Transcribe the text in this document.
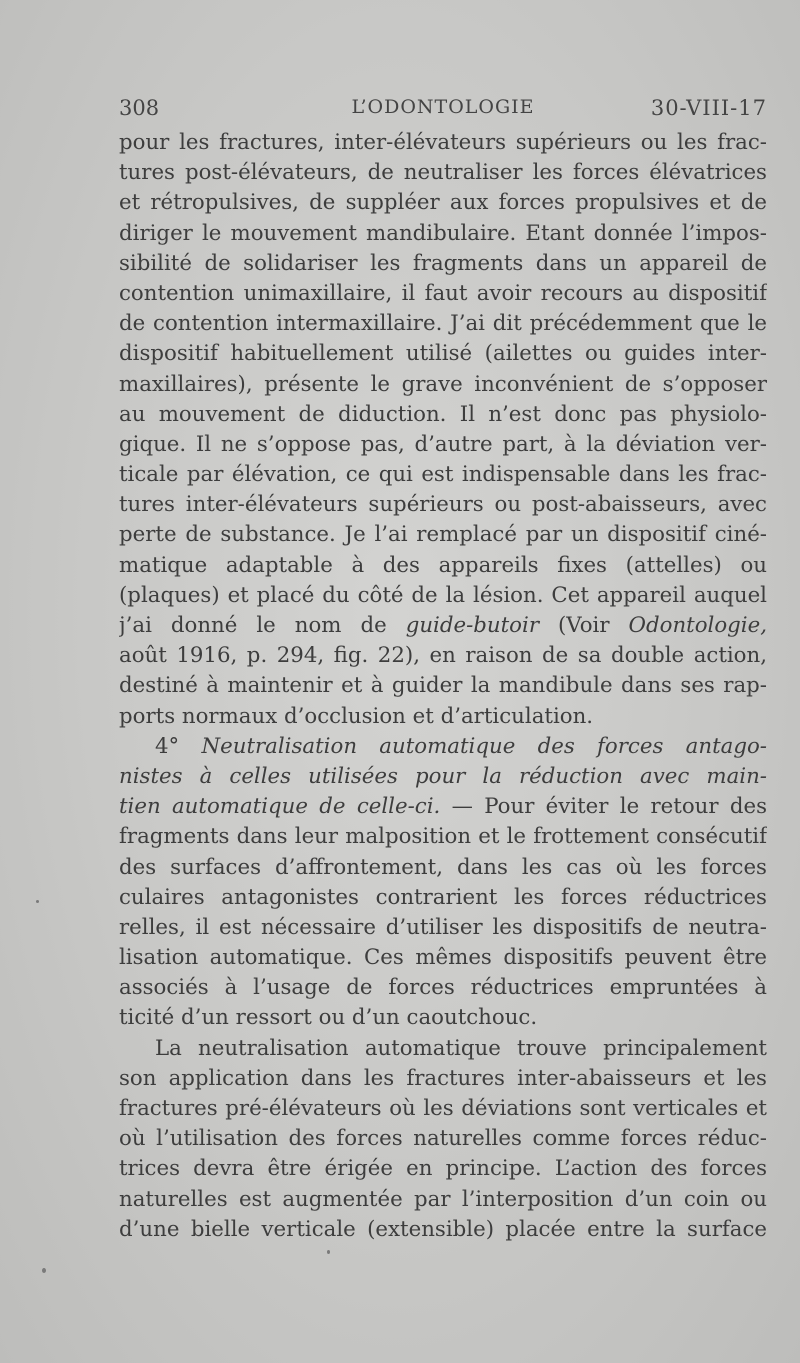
308	L’ODONTOLOGIE	30-VIII-17
pour les fractures, inter-élévateurs supérieurs ou les frac-
tures post-élévateurs, de neutraliser les forces élévatrices
et rétropulsives, de suppléer aux forces propulsives et de
diriger le mouvement mandibulaire. Etant donnée l’impos-
sibilité de solidariser les fragments dans un appareil de
contention unimaxillaire, il faut avoir recours au dispositif
de contention intermaxillaire. J’ai dit précédemment que le
dispositif habituellement utilisé (ailettes ou guides inter-
maxillaires), présente le grave inconvénient de s’opposer
au mouvement de diduction. Il n’est donc pas physiolo-
gique. Il ne s’oppose pas, d’autre part, à la déviation ver-
ticale par élévation, ce qui est indispensable dans les frac-
tures inter-élévateurs supérieurs ou post-abaisseurs, avec
perte de substance. Je l’ai remplacé par un dispositif ciné-
matique adaptable à des appareils fixes (attelles) ou
(plaques) et placé du côté de la lésion. Cet appareil auquel
j’ai donné le nom de guide-butoir (Voir Odontologie,
août 1916, p. 294, fig. 22), en raison de sa double action,
destiné à maintenir et à guider la mandibule dans ses rap-
ports normaux d’occlusion et d’articulation.
4° Neutralisation automatique des forces antago-
nistes à celles utilisées pour la réduction avec main-
tien automatique de celle-ci. — Pour éviter le retour des
fragments dans leur malposition et le frottement consécutif
des surfaces d’affrontement, dans les cas où les forces
culaires antagonistes contrarient les forces réductrices
relles, il est nécessaire d’utiliser les dispositifs de neutra-
lisation automatique. Ces mêmes dispositifs peuvent être
associés à l’usage de forces réductrices empruntées à
ticité d’un ressort ou d’un caoutchouc.
La neutralisation automatique trouve principalement
son application dans les fractures inter-abaisseurs et les
fractures pré-élévateurs où les déviations sont verticales et
où l’utilisation des forces naturelles comme forces réduc-
trices devra être érigée en principe. L’action des forces
naturelles est augmentée par l’interposition d’un coin ou
d’une bielle verticale (extensible) placée entre la surface
